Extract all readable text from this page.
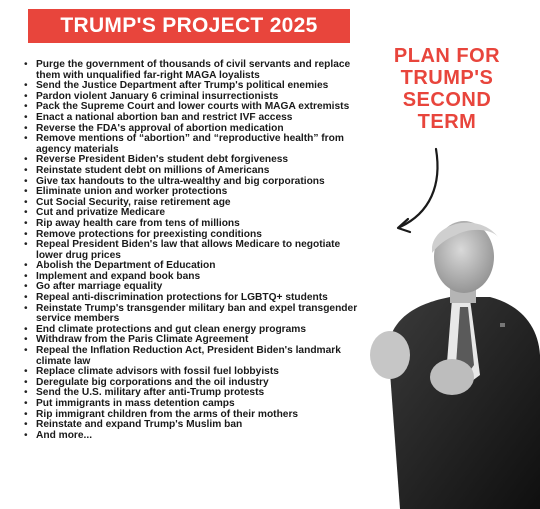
TRUMP'S PROJECT 2025
• Purge the government of thousands of civil servants and replace them with unqualified far-right MAGA loyalists
• Send the Justice Department after Trump's political enemies
• Pardon violent January 6 criminal insurrectionists
• Pack the Supreme Court and lower courts with MAGA extremists
• Enact a national abortion ban and restrict IVF access
• Reverse the FDA's approval of abortion medication
• Remove mentions of “abortion” and “reproductive health” from agency materials
• Reverse President Biden's student debt forgiveness
• Reinstate student debt on millions of Americans
• Give tax handouts to the ultra-wealthy and big corporations
• Eliminate union and worker protections
• Cut Social Security, raise retirement age
• Cut and privatize Medicare
• Rip away health care from tens of millions
• Remove protections for preexisting conditions
• Repeal President Biden's law that allows Medicare to negotiate lower drug prices
• Abolish the Department of Education
• Implement and expand book bans
• Go after marriage equality
• Repeal anti-discrimination protections for LGBTQ+ students
• Reinstate Trump's transgender military ban and expel transgender service members
• End climate protections and gut clean energy programs
• Withdraw from the Paris Climate Agreement
• Repeal the Inflation Reduction Act, President Biden's landmark climate law
• Replace climate advisors with fossil fuel lobbyists
• Deregulate big corporations and the oil industry
• Send the U.S. military after anti-Trump protests
• Put immigrants in mass detention camps
• Rip immigrant children from the arms of their mothers
• Reinstate and expand Trump's Muslim ban
• And more...
PLAN FOR
TRUMP'S
SECOND
TERM
